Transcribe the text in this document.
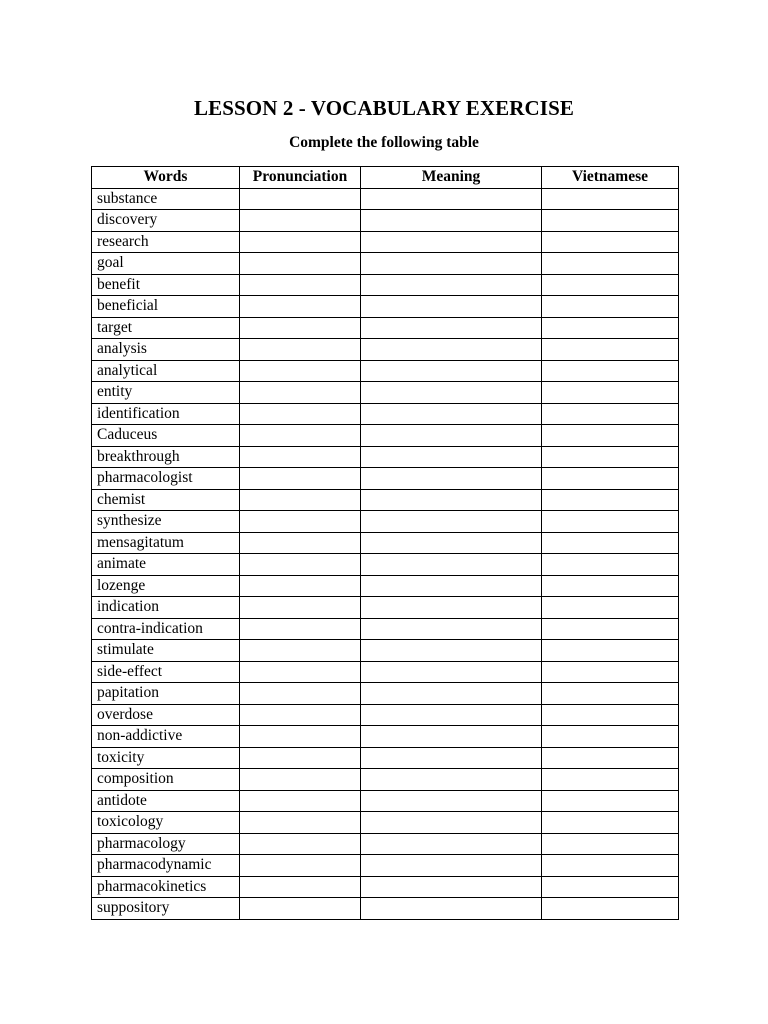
LESSON 2 - VOCABULARY EXERCISE
Complete the following table
Words	Pronunciation	Meaning	Vietnamese
substance			
discovery			
research			
goal			
benefit			
beneficial			
target			
analysis			
analytical			
entity			
identification			
Caduceus			
breakthrough			
pharmacologist			
chemist			
synthesize			
mensagitatum			
animate			
lozenge			
indication			
contra-indication			
stimulate			
side-effect			
papitation			
overdose			
non-addictive			
toxicity			
composition			
antidote			
toxicology			
pharmacology			
pharmacodynamic			
pharmacokinetics			
suppository			
